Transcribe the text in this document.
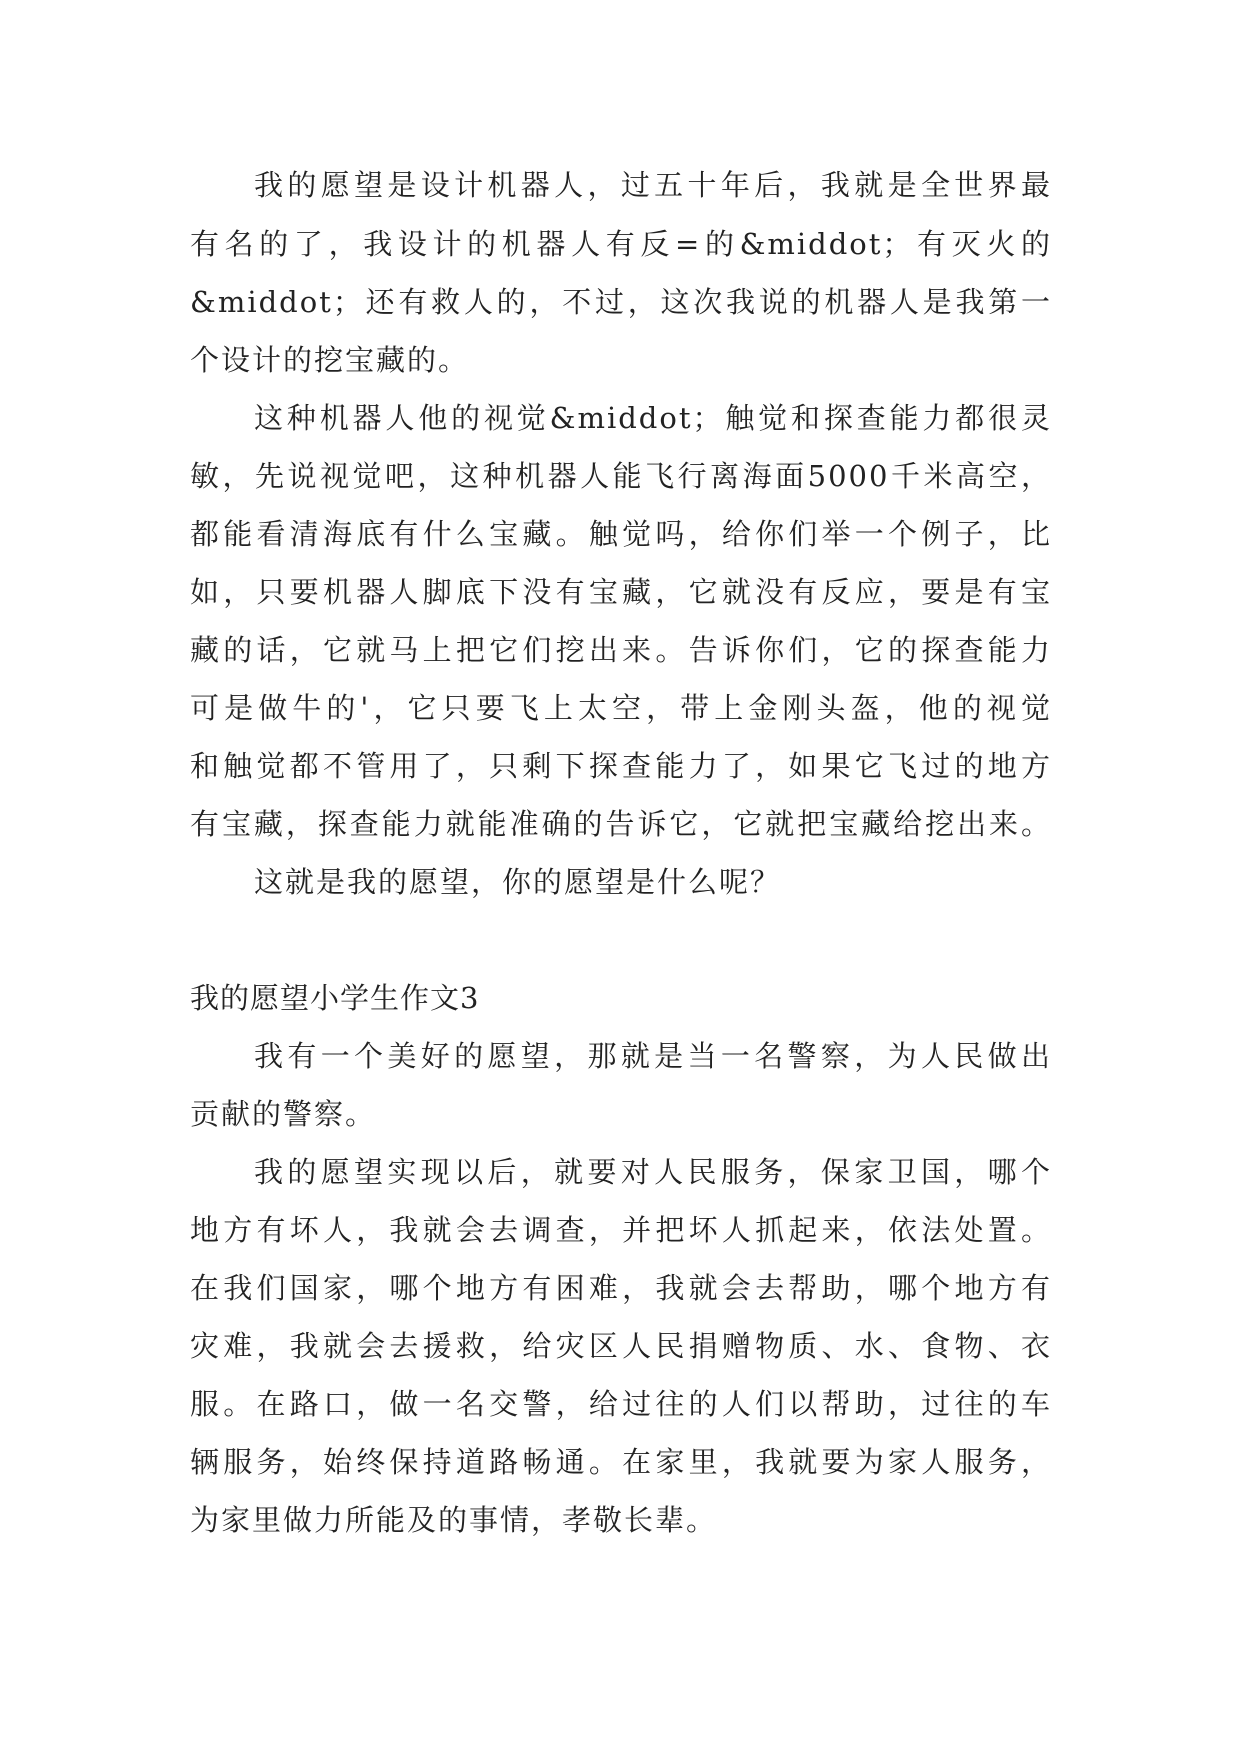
我的愿望是设计机器人，过五十年后，我就是全世界最
有名的了，我设计的机器人有反=的&middot；有灭火的
&middot；还有救人的，不过，这次我说的机器人是我第一
个设计的挖宝藏的。
这种机器人他的视觉&middot；触觉和探查能力都很灵
敏，先说视觉吧，这种机器人能飞行离海面5000千米高空，
都能看清海底有什么宝藏。触觉吗，给你们举一个例子，比
如，只要机器人脚底下没有宝藏，它就没有反应，要是有宝
藏的话，它就马上把它们挖出来。告诉你们，它的探查能力
可是做牛的'，它只要飞上太空，带上金刚头盔，他的视觉
和触觉都不管用了，只剩下探查能力了，如果它飞过的地方
有宝藏，探查能力就能准确的告诉它，它就把宝藏给挖出来。
这就是我的愿望，你的愿望是什么呢？
我的愿望小学生作文3
我有一个美好的愿望，那就是当一名警察，为人民做出
贡献的警察。
我的愿望实现以后，就要对人民服务，保家卫国，哪个
地方有坏人，我就会去调查，并把坏人抓起来，依法处置。
在我们国家，哪个地方有困难，我就会去帮助，哪个地方有
灾难，我就会去援救，给灾区人民捐赠物质、水、食物、衣
服。在路口，做一名交警，给过往的人们以帮助，过往的车
辆服务，始终保持道路畅通。在家里，我就要为家人服务，
为家里做力所能及的事情，孝敬长辈。
